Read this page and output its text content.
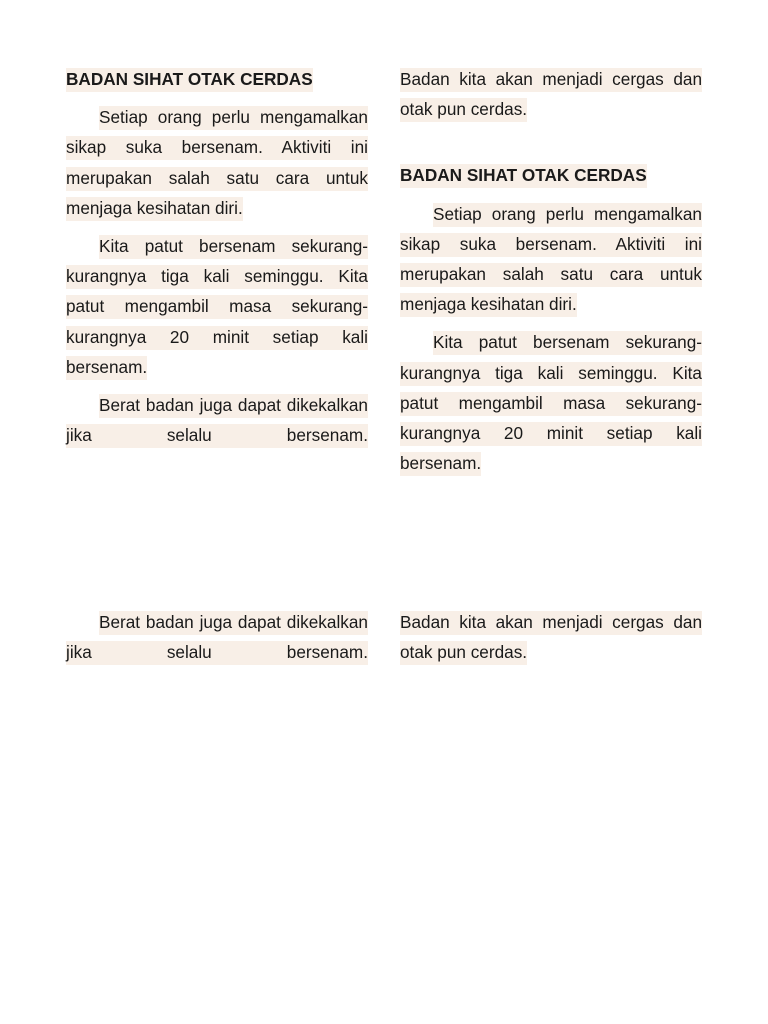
BADAN SIHAT OTAK CERDAS

Setiap orang perlu mengamalkan sikap suka bersenam. Aktiviti ini merupakan salah satu cara untuk menjaga kesihatan diri.

Kita patut bersenam sekurang-kurangnya tiga kali seminggu. Kita patut mengambil masa sekurang-kurangnya 20 minit setiap kali bersenam.

Berat badan juga dapat dikekalkan jika selalu bersenam.

Badan kita akan menjadi cergas dan otak pun cerdas.

BADAN SIHAT OTAK CERDAS

Setiap orang perlu mengamalkan sikap suka bersenam. Aktiviti ini merupakan salah satu cara untuk menjaga kesihatan diri.

Kita patut bersenam sekurang-kurangnya tiga kali seminggu. Kita patut mengambil masa sekurang-kurangnya 20 minit setiap kali bersenam.

Berat badan juga dapat dikekalkan jika selalu bersenam.

Badan kita akan menjadi cergas dan otak pun cerdas.
